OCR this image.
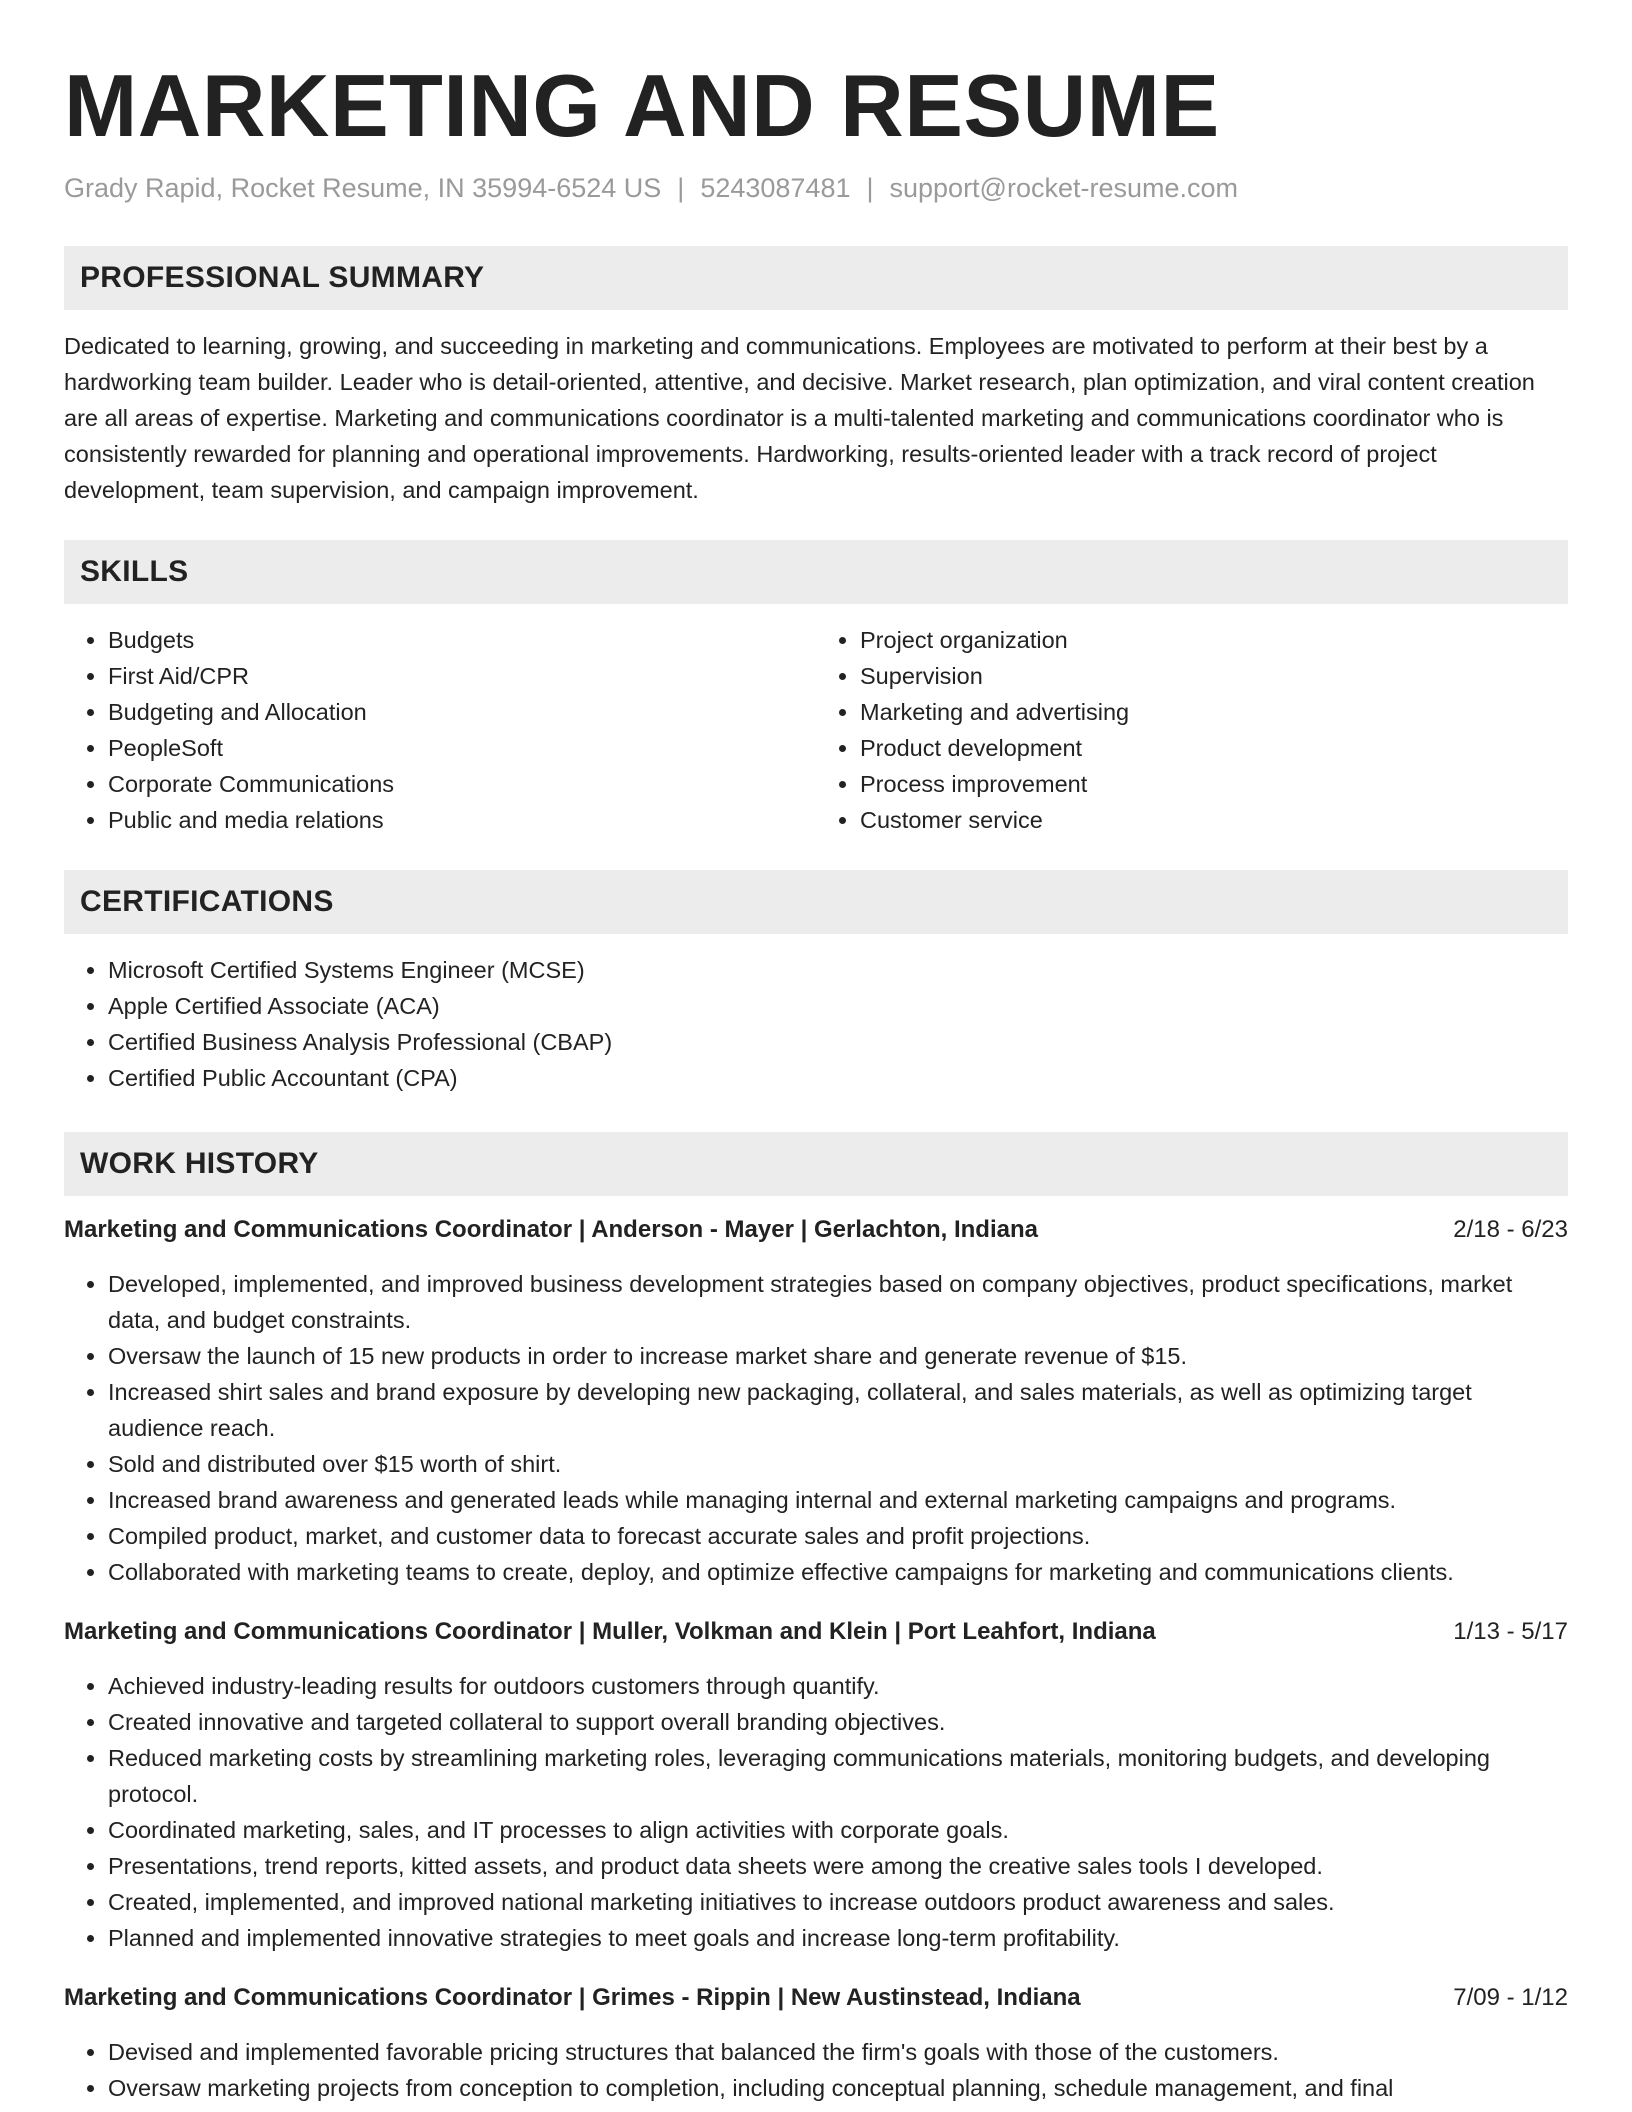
MARKETING AND RESUME
Grady Rapid, Rocket Resume, IN 35994-6524 US | 5243087481 | support@rocket-resume.com
PROFESSIONAL SUMMARY

Dedicated to learning, growing, and succeeding in marketing and communications. Employees are motivated to perform at their best by a hardworking team builder. Leader who is detail-oriented, attentive, and decisive. Market research, plan optimization, and viral content creation are all areas of expertise. Marketing and communications coordinator is a multi-talented marketing and communications coordinator who is consistently rewarded for planning and operational improvements. Hardworking, results-oriented leader with a track record of project development, team supervision, and campaign improvement.

SKILLS
• Budgets
• First Aid/CPR
• Budgeting and Allocation
• PeopleSoft
• Corporate Communications
• Public and media relations
• Project organization
• Supervision
• Marketing and advertising
• Product development
• Process improvement
• Customer service
CERTIFICATIONS
• Microsoft Certified Systems Engineer (MCSE)
• Apple Certified Associate (ACA)
• Certified Business Analysis Professional (CBAP)
• Certified Public Accountant (CPA)
WORK HISTORY
Marketing and Communications Coordinator | Anderson - Mayer | Gerlachton, Indiana	2/18 - 6/23
• Developed, implemented, and improved business development strategies based on company objectives, product specifications, market data, and budget constraints.
• Oversaw the launch of 15 new products in order to increase market share and generate revenue of $15.
• Increased shirt sales and brand exposure by developing new packaging, collateral, and sales materials, as well as optimizing target audience reach.
• Sold and distributed over $15 worth of shirt.
• Increased brand awareness and generated leads while managing internal and external marketing campaigns and programs.
• Compiled product, market, and customer data to forecast accurate sales and profit projections.
• Collaborated with marketing teams to create, deploy, and optimize effective campaigns for marketing and communications clients.
Marketing and Communications Coordinator | Muller, Volkman and Klein | Port Leahfort, Indiana	1/13 - 5/17
• Achieved industry-leading results for outdoors customers through quantify.
• Created innovative and targeted collateral to support overall branding objectives.
• Reduced marketing costs by streamlining marketing roles, leveraging communications materials, monitoring budgets, and developing protocol.
• Coordinated marketing, sales, and IT processes to align activities with corporate goals.
• Presentations, trend reports, kitted assets, and product data sheets were among the creative sales tools I developed.
• Created, implemented, and improved national marketing initiatives to increase outdoors product awareness and sales.
• Planned and implemented innovative strategies to meet goals and increase long-term profitability.
Marketing and Communications Coordinator | Grimes - Rippin | New Austinstead, Indiana	7/09 - 1/12
• Devised and implemented favorable pricing structures that balanced the firm's goals with those of the customers.
• Oversaw marketing projects from conception to completion, including conceptual planning, schedule management, and final
